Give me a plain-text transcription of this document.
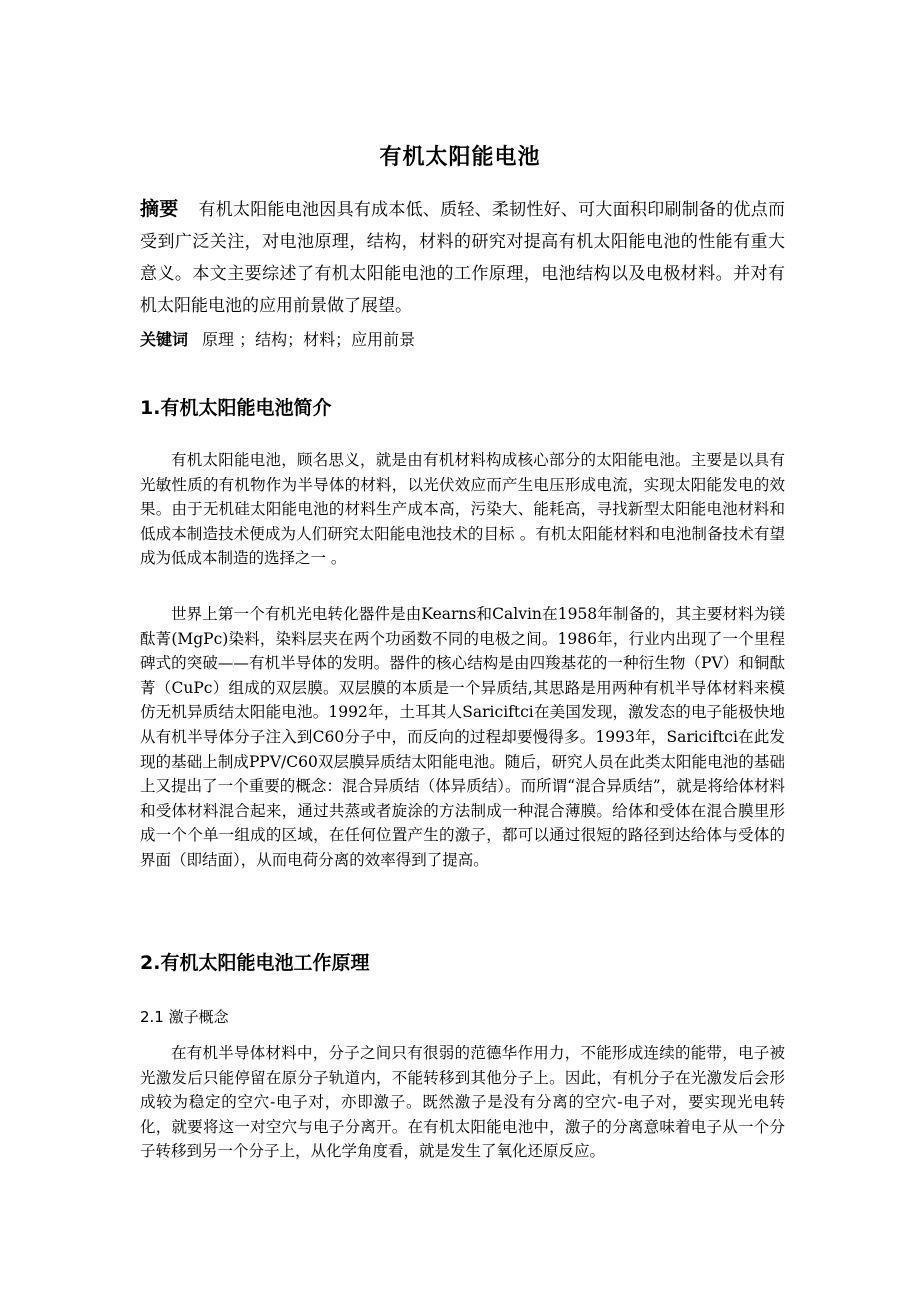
有机太阳能电池
摘要 有机太阳能电池因具有成本低、质轻、柔韧性好、可大面积印刷制备的优点而受到广泛关注，对电池原理，结构，材料的研究对提高有机太阳能电池的性能有重大意义。本文主要综述了有机太阳能电池的工作原理，电池结构以及电极材料。并对有机太阳能电池的应用前景做了展望。
关键词 原理 ；结构；材料；应用前景
1.有机太阳能电池简介

有机太阳能电池，顾名思义，就是由有机材料构成核心部分的太阳能电池。主要是以具有光敏性质的有机物作为半导体的材料，以光伏效应而产生电压形成电流，实现太阳能发电的效果。由于无机硅太阳能电池的材料生产成本高，污染大、能耗高，寻找新型太阳能电池材料和低成本制造技术便成为人们研究太阳能电池技术的目标 。有机太阳能材料和电池制备技术有望成为低成本制造的选择之一 。

世界上第一个有机光电转化器件是由Kearns和Calvin在1958年制备的，其主要材料为镁酞菁(MgPc)染料，染料层夹在两个功函数不同的电极之间。1986年，行业内出现了一个里程碑式的突破——有机半导体的发明。器件的核心结构是由四羧基花的一种衍生物（PV）和铜酞菁（CuPc）组成的双层膜。双层膜的本质是一个异质结,其思路是用两种有机半导体材料来模仿无机异质结太阳能电池。1992年，土耳其人Sariciftci在美国发现，激发态的电子能极快地从有机半导体分子注入到C60分子中，而反向的过程却要慢得多。1993年，Sariciftci在此发现的基础上制成PPV/C60双层膜异质结太阳能电池。随后，研究人员在此类太阳能电池的基础上又提出了一个重要的概念：混合异质结（体异质结）。而所谓“混合异质结”，就是将给体材料和受体材料混合起来，通过共蒸或者旋涂的方法制成一种混合薄膜。给体和受体在混合膜里形成一个个单一组成的区域，在任何位置产生的激子，都可以通过很短的路径到达给体与受体的界面（即结面），从而电荷分离的效率得到了提高。

2.有机太阳能电池工作原理
2.1 激子概念

在有机半导体材料中，分子之间只有很弱的范德华作用力，不能形成连续的能带，电子被光激发后只能停留在原分子轨道内，不能转移到其他分子上。因此，有机分子在光激发后会形成较为稳定的空穴-电子对，亦即激子。既然激子是没有分离的空穴-电子对，要实现光电转化，就要将这一对空穴与电子分离开。在有机太阳能电池中，激子的分离意味着电子从一个分子转移到另一个分子上，从化学角度看，就是发生了氧化还原反应。
